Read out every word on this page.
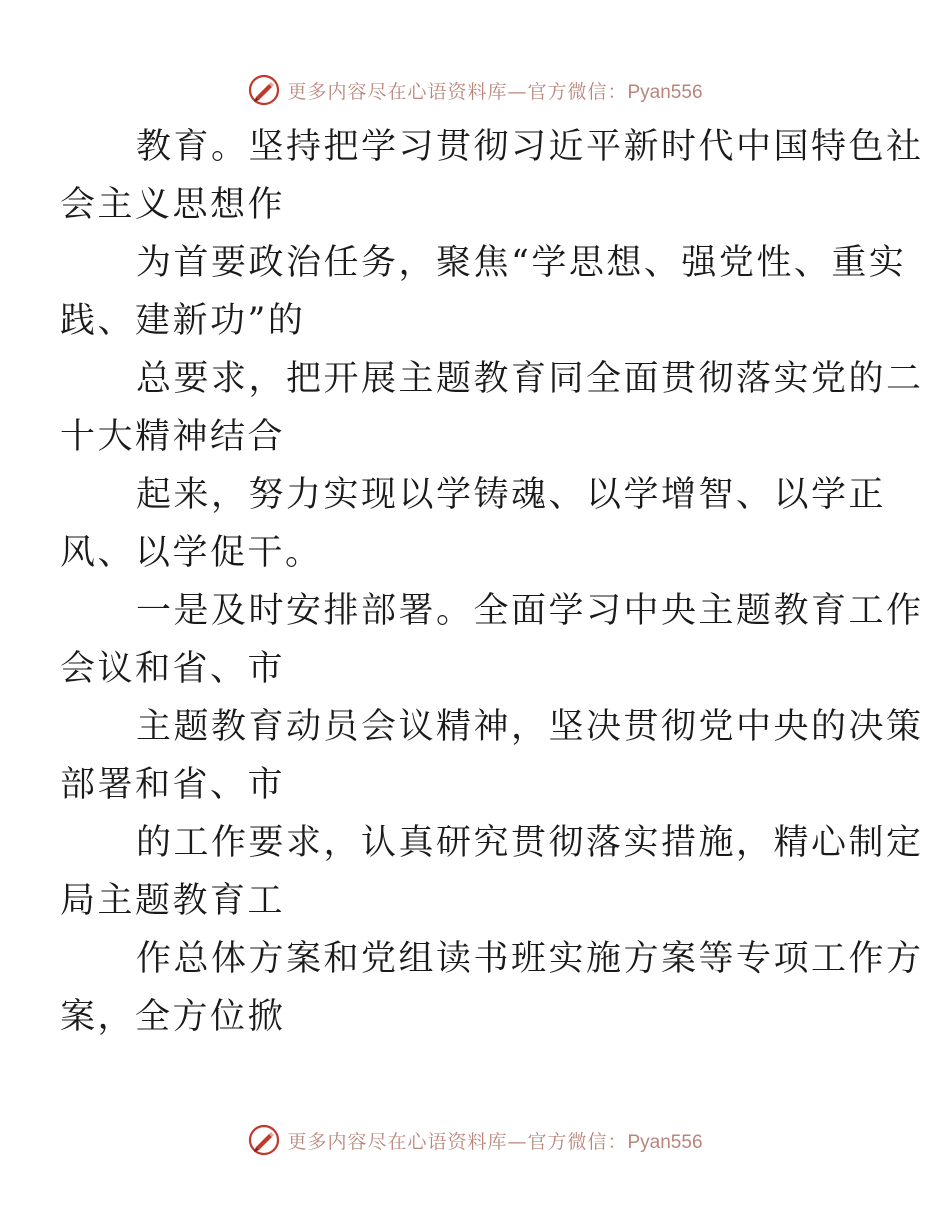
更多内容尽在心语资料库—官方微信：Pyan556

教育。坚持把学习贯彻习近平新时代中国特色社
会主义思想作

为首要政治任务，聚焦“学思想、强党性、重实
践、建新功”的

总要求，把开展主题教育同全面贯彻落实党的二
十大精神结合

起来，努力实现以学铸魂、以学增智、以学正
风、以学促干。

一是及时安排部署。全面学习中央主题教育工作
会议和省、市

主题教育动员会议精神，坚决贯彻党中央的决策
部署和省、市

的工作要求，认真研究贯彻落实措施，精心制定
局主题教育工

作总体方案和党组读书班实施方案等专项工作方
案，全方位掀

更多内容尽在心语资料库—官方微信：Pyan556
